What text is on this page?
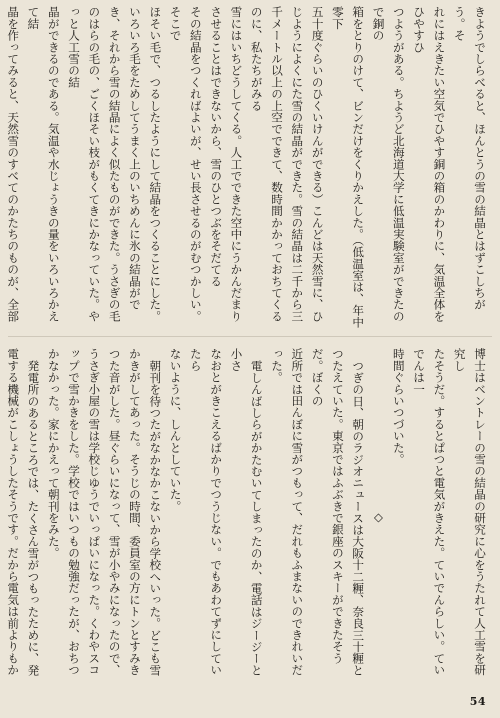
きようでしらべると、ほんとうの雪の結晶とはずこしちがう。そ

れにはえきたい空気でひやす銅の箱のかわりに、気温全体をひやすひ

つようがある。ちようど北海道大学に低温実験室ができたので銅の

箱をとりのけて、ビンだけをくりかえした。（低温室は、年中零下

五十度ぐらいのひくいけんができる）こんどは天然雪に、ひじようによくにた雪の結晶ができた。雪の結晶は二千から三千メートル以上の上空でできて、数時間かかっておちてくるのに、私たちがみる

雪にはいちどうしてくる。人工でできた空中にうかんだまりさせることはできないから、雪のひとつぶをそだてる

その結晶をつくればよいが、せい長させるのがむつかしい。そこで

ほそい毛で、つるしたようにして結晶をつくることにした。いろいろ毛をためしてうまく上のいちめんに氷の結晶ができ、それから雪の結晶によく似たものができた。うさぎの毛のはらの毛の、ごくほそい枝がもくてきにかなっていた。やっと人工雪の結

晶ができるのである。気温や水じょうきの量をいろいろかえて結

晶を作ってみると、天然雪のすべてのかたちのものが、全部

博士はベントレーの雪の結晶の研究に心をうたれて人工雪を研究し

たそうだ。するとぱつと電気がきえた。ていでんらしい。ていでんは一

時間ぐらいつづいた。

◇

つぎの日、朝のラジオニュースは大阪十二糎、奈良三十糎とつたえていた。東京ではふぶきで銀座のスキーができたそうだ。ぼくの

近所では田んぼに雪がつもって、だれもふまないのできれいだった。

電しんばしらがかたむいてしまったのか、電話はジージーと小さ

なおとがきこえるばかりでつうじない。でもあわてずにしていたら

ないように、しんとしていた。

朝刊を待つたがなかなかこないから学校へいった。どこも雪かきがしてあった。そうじの時間、委員室の方にトンとすみきつた音がした。昼ぐらいになって、雪が小やみになったので、うさぎ小屋の雪は学校じゆうでいっぱいになった。くわやスコップで雪かきをした。学校ではいつもの勉強だったが、おちつかなかった。家にかえって朝刊をみた。

発電所のあるところでは、たくさん雪がつもったために、発電する機械がこしょうしたそうです。だから電気は前よりもか

54
